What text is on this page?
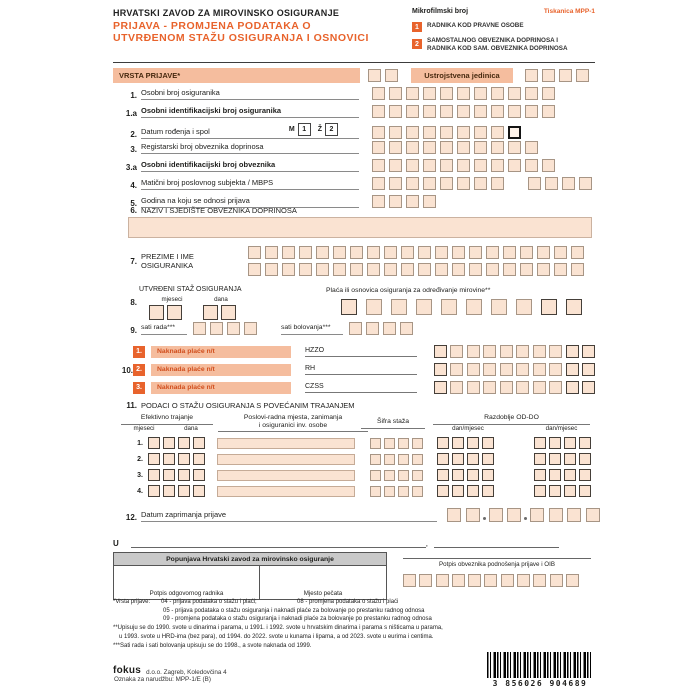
HRVATSKI ZAVOD ZA MIROVINSKO OSIGURANJE
PRIJAVA - PROMJENA PODATAKA O
UTVRĐENOM STAŽU OSIGURANJA I OSNOVICI
Mikrofilmski broj	Tiskanica MPP-1
1	RADNIKA KOD PRAVNE OSOBE
2	SAMOSTALNOG OBVEZNIKA DOPRINOSA I RADNIKA KOD SAM. OBVEZNIKA DOPRINOSA
VRSTA PRIJAVE*	Ustrojstvena jedinica
1. Osobni broj osiguranika
1.a Osobni identifikacijski broj osiguranika
2. Datum rođenja i spol	M	1	Ž	2
3. Registarski broj obveznika doprinosa
3.a Osobni identifikacijski broj obveznika
4. Matični broj poslovnog subjekta / MBPS
5. Godina na koju se odnosi prijava
6. NAZIV I SJEDIŠTE OBVEZNIKA DOPRINOSA
7. PREZIME I IME OSIGURANIKA
8.
UTVRĐENI STAŽ OSIGURANJA
mjeseci	dana
Plaća ili osnovica osiguranja za određivanje mirovine**
9. sati rada***	sati bolovanja***
10.
1.	Naknada plaće n/t	HZZO
2.	Naknada plaće n/t	RH
3.	Naknada plaće n/t	CZSS
11. PODACI O STAŽU OSIGURANJA S POVEĆANIM TRAJANJEM
Efektivno trajanje
mjeseci	dana
Poslovi-radna mjesta, zanimanja
i osiguranici inv. osobe	Šifra staža
Razdoblje OD-DO
dan/mjesec	dan/mjesec
1.
2.
3.
4.
12. Datum zaprimanja prijave
U	,
Popunjava Hrvatski zavod za mirovinsko osiguranje
Potpis odgovornog radnika	Mjesto pečata
Potpis obveznika podnošenja prijave i OIB
*Vrsta prijave:	04 - prijava podataka o stažu i plaći;	08 - promjena podataka o stažu i plaći
05 - prijava podataka o stažu osiguranja i naknadi plaće za bolovanje po prestanku radnog odnosa
09 - promjena podataka o stažu osiguranja i naknadi plaće za bolovanje po prestanku radnog odnosa
**Upisuju se do 1990. svote u dinarima i parama, u 1991. i 1992. svote u hrvatskim dinarima i parama s ništicama u parama,
u 1993. svote u HRD-ima (bez para), od 1994. do 2022. svote u kunama i lipama, a od 2023. svote u eurima i centima.
***Sati rada i sati bolovanja upisuju se do 1998., a svote naknada od 1999.
fokus d.o.o. Zagreb, Koledovčina 4
Oznaka za narudžbu: MPP-1/E (B)	3 856026 904689
